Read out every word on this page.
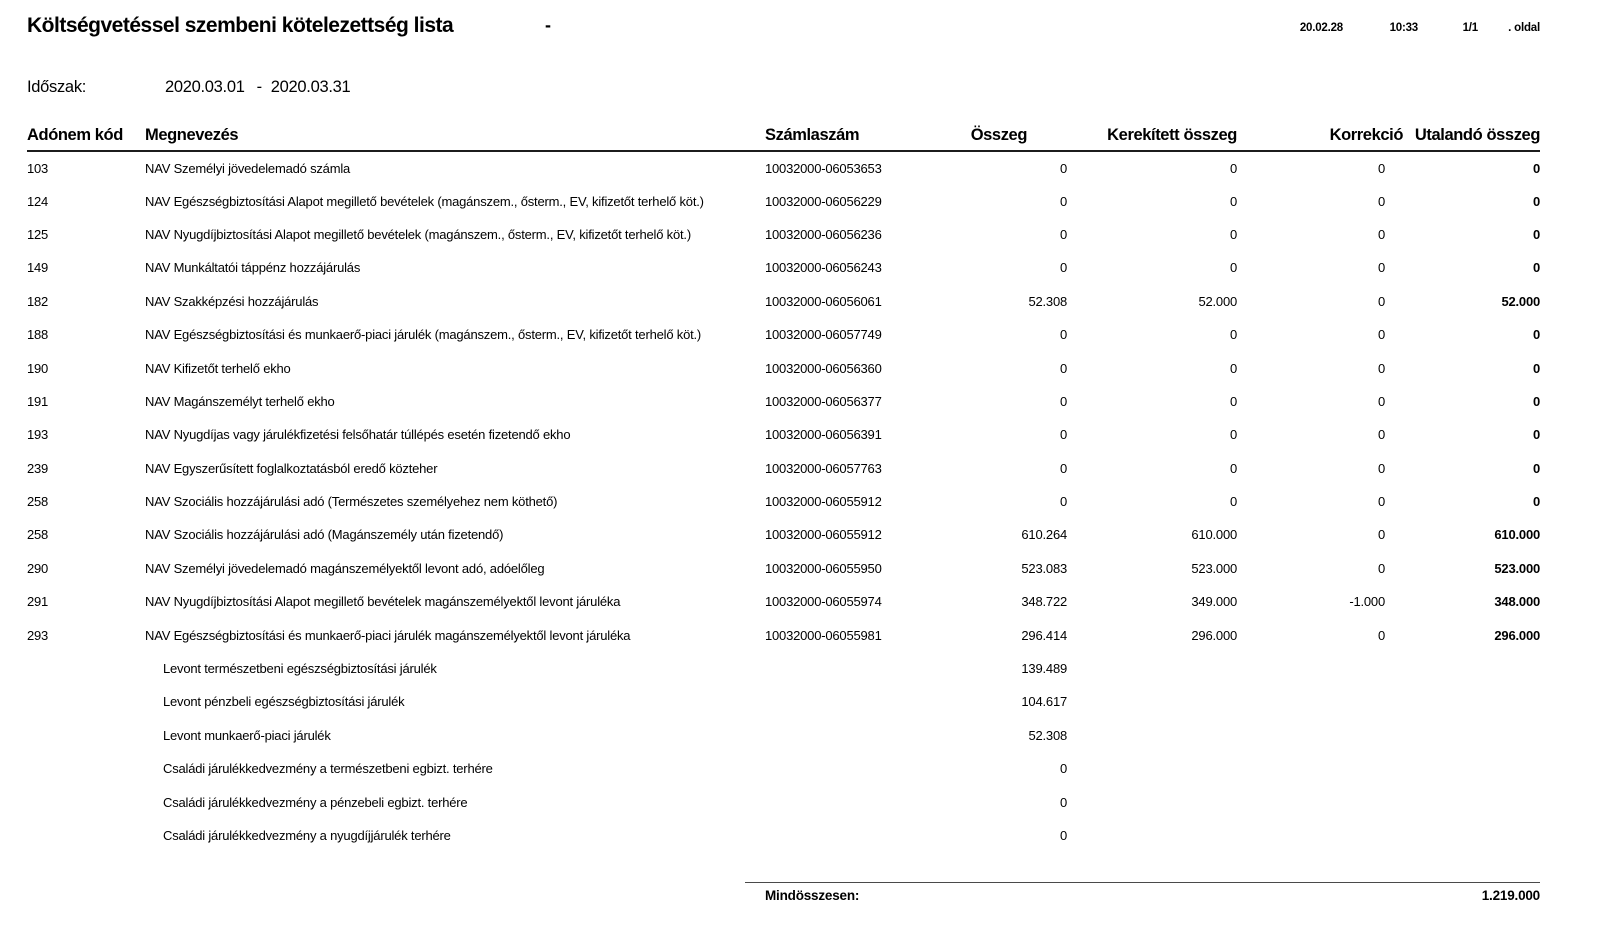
20.02.28	10:33	1/1	. oldal
Költségvetéssel szembeni kötelezettség lista	-
Időszak:	2020.03.01 - 2020.03.31
Adónem kód	Megnevezés	Számlaszám	Összeg	Kerekített összeg	Korrekció	Utalandó összeg
103	NAV Személyi jövedelemadó számla	10032000-06053653	0	0	0	0
124	NAV Egészségbiztosítási Alapot megillető bevételek (magánszem., ősterm., EV, kifizetőt terhelő köt.)	10032000-06056229	0	0	0	0
125	NAV Nyugdíjbiztosítási Alapot megillető bevételek (magánszem., ősterm., EV, kifizetőt terhelő köt.)	10032000-06056236	0	0	0	0
149	NAV Munkáltatói táppénz hozzájárulás	10032000-06056243	0	0	0	0
182	NAV Szakképzési hozzájárulás	10032000-06056061	52.308	52.000	0	52.000
188	NAV Egészségbiztosítási és munkaerő-piaci járulék (magánszem., ősterm., EV, kifizetőt terhelő köt.)	10032000-06057749	0	0	0	0
190	NAV Kifizetőt terhelő ekho	10032000-06056360	0	0	0	0
191	NAV Magánszemélyt terhelő ekho	10032000-06056377	0	0	0	0
193	NAV Nyugdíjas vagy járulékfizetési felsőhatár túllépés esetén fizetendő ekho	10032000-06056391	0	0	0	0
239	NAV Egyszerűsített foglalkoztatásból eredő közteher	10032000-06057763	0	0	0	0
258	NAV Szociális hozzájárulási adó (Természetes személyehez nem köthető)	10032000-06055912	0	0	0	0
258	NAV Szociális hozzájárulási adó (Magánszemély után fizetendő)	10032000-06055912	610.264	610.000	0	610.000
290	NAV Személyi jövedelemadó magánszemélyektől levont adó, adóelőleg	10032000-06055950	523.083	523.000	0	523.000
291	NAV Nyugdíjbiztosítási Alapot megillető bevételek magánszemélyektől levont járuléka	10032000-06055974	348.722	349.000	-1.000	348.000
293	NAV Egészségbiztosítási és munkaerő-piaci járulék magánszemélyektől levont járuléka	10032000-06055981	296.414	296.000	0	296.000
	Levont természetbeni egészségbiztosítási járulék		139.489			
	Levont pénzbeli egészségbiztosítási járulék		104.617			
	Levont munkaerő-piaci járulék		52.308			
	Családi járulékkedvezmény a természetbeni egbizt. terhére		0			
	Családi járulékkedvezmény a pénzebeli egbizt. terhére		0			
	Családi járulékkedvezmény a nyugdíjjárulék terhére		0			
Mindösszesen:	1.219.000
